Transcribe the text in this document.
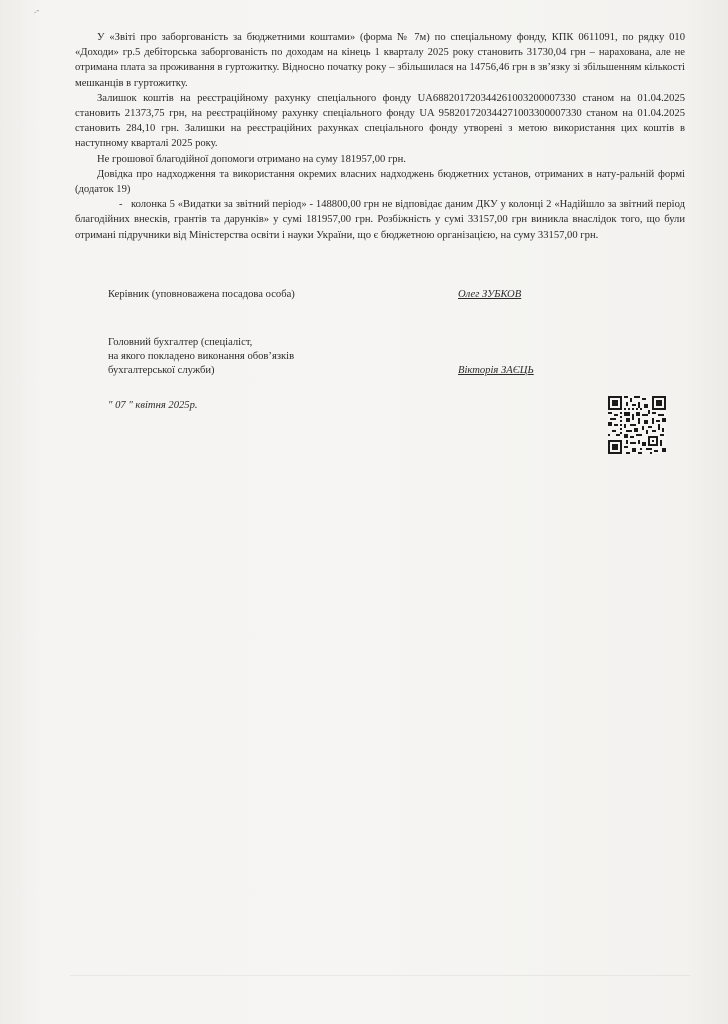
.-

У «Звіті про заборгованість за бюджетними коштами» (форма № 7м) по спеціальному фонду, КПК 0611091, по рядку 010 «Доходи» гр.5 дебіторська заборгованість по доходам на кінець 1 кварталу 2025 року становить 31730,04 грн – нарахована, але не отримана плата за проживання в гуртожитку. Відносно початку року – збільшилася на 14756,46 грн в зв’язку зі збільшенням кількості мешканців в гуртожитку.

Залишок коштів на реєстраційному рахунку спеціального фонду UA688201720344261003200007330 станом на 01.04.2025 становить 21373,75 грн, на реєстраційному рахунку спеціального фонду UA 958201720344271003300007330 станом на 01.04.2025 становить 284,10 грн. Залишки на реєстраційних рахунках спеціального фонду утворені з метою використання цих коштів в наступному кварталі 2025 року.

Не грошової благодійної допомоги отримано на суму 181957,00 грн.

Довідка про надходження та використання окремих власних надходжень бюджетних установ, отриманих в нату-ральній формі (додаток 19)

- колонка 5 «Видатки за звітний період» - 148800,00 грн не відповідає даним ДКУ у колонці 2 «Надійшло за звітний період благодійних внесків, грантів та дарунків» у сумі 181957,00 грн. Розбіжність у сумі 33157,00 грн виникла внаслідок того, що були отримані підручники від Міністерства освіти і науки України, що є бюджетною організацією, на суму 33157,00 грн.

Керівник (уповноважена посадова особа)	Олег ЗУБКОВ
Головний бухгалтер (спеціаліст,
на якого покладено виконання обов’язків
бухгалтерської служби)	Вікторія ЗАЄЦЬ
" 07 " квітня 2025р.
